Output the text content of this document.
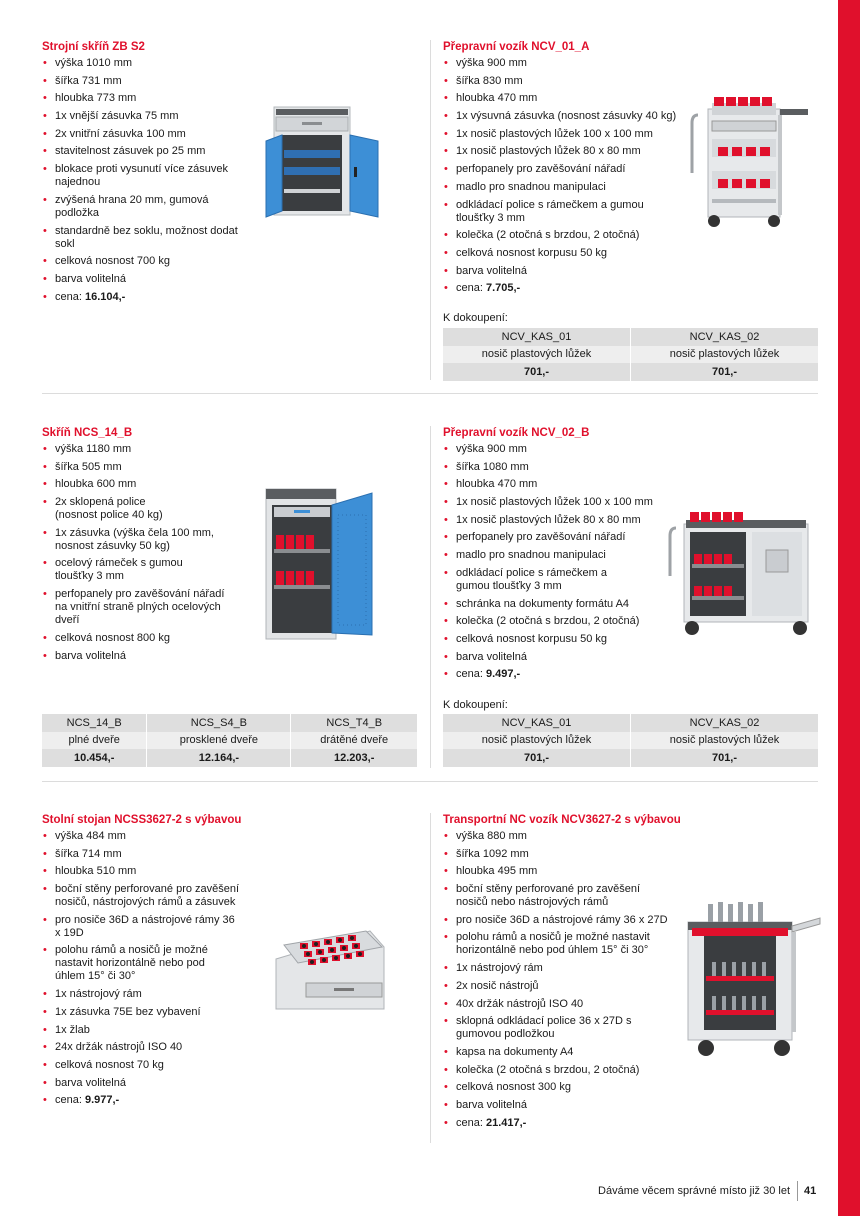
Strojní skříň ZB S2
• výška 1010 mm
• šířka 731 mm
• hloubka 773 mm
• 1x vnější zásuvka 75 mm
• 2x vnitřní zásuvka 100 mm
• stavitelnost zásuvek po 25 mm
• blokace proti vysunutí více zásuvek najednou
• zvýšená hrana 20 mm, gumová podložka
• standardně bez soklu, možnost dodat sokl
• celková nosnost 700 kg
• barva volitelná
• cena: 16.104,-
Přepravní vozík NCV_01_A
• výška 900 mm
• šířka 830 mm
• hloubka 470 mm
• 1x výsuvná zásuvka (nosnost zásuvky 40 kg)
• 1x nosič plastových lůžek 100 x 100 mm
• 1x nosič plastových lůžek 80 x 80 mm
• perfopanely pro zavěšování nářadí
• madlo pro snadnou manipulaci
• odkládací police s rámečkem a gumou tloušťky 3 mm
• kolečka (2 otočná s brzdou, 2 otočná)
• celková nosnost korpusu 50 kg
• barva volitelná
• cena: 7.705,-
K dokoupení:
NCV_KAS_01	NCV_KAS_02
nosič plastových lůžek	nosič plastových lůžek
701,-	701,-
Skříň NCS_14_B
• výška 1180 mm
• šířka 505 mm
• hloubka 600 mm
• 2x sklopená police (nosnost police 40 kg)
• 1x zásuvka (výška čela 100 mm, nosnost zásuvky 50 kg)
• ocelový rámeček s gumou tloušťky 3 mm
• perfopanely pro zavěšování nářadí na vnitřní straně plných ocelových dveří
• celková nosnost 800 kg
• barva volitelná
NCS_14_B	NCS_S4_B	NCS_T4_B
plné dveře	prosklené dveře	drátěné dveře
10.454,-	12.164,-	12.203,-
Přepravní vozík NCV_02_B
• výška 900 mm
• šířka 1080 mm
• hloubka 470 mm
• 1x nosič plastových lůžek 100 x 100 mm
• 1x nosič plastových lůžek 80 x 80 mm
• perfopanely pro zavěšování nářadí
• madlo pro snadnou manipulaci
• odkládací police s rámečkem a gumou tloušťky 3 mm
• schránka na dokumenty formátu A4
• kolečka (2 otočná s brzdou, 2 otočná)
• celková nosnost korpusu 50 kg
• barva volitelná
• cena: 9.497,-
K dokoupení:
NCV_KAS_01	NCV_KAS_02
nosič plastových lůžek	nosič plastových lůžek
701,-	701,-
Stolní stojan NCSS3627-2 s výbavou
• výška 484 mm
• šířka 714 mm
• hloubka 510 mm
• boční stěny perforované pro zavěšení nosičů, nástrojových rámů a zásuvek
• pro nosiče 36D a nástrojové rámy 36 x 19D
• polohu rámů a nosičů je možné nastavit horizontálně nebo pod úhlem 15° či 30°
• 1x nástrojový rám
• 1x zásuvka 75E bez vybavení
• 1x žlab
• 24x držák nástrojů ISO 40
• celková nosnost 70 kg
• barva volitelná
• cena: 9.977,-
Transportní NC vozík NCV3627-2 s výbavou
• výška 880 mm
• šířka 1092 mm
• hloubka 495 mm
• boční stěny perforované pro zavěšení nosičů nebo nástrojových rámů
• pro nosiče 36D a nástrojové rámy 36 x 27D
• polohu rámů a nosičů je možné nastavit horizontálně nebo pod úhlem 15° či 30°
• 1x nástrojový rám
• 2x nosič nástrojů
• 40x držák nástrojů ISO 40
• sklopná odkládací police 36 x 27D s gumovou podložkou
• kapsa na dokumenty A4
• kolečka (2 otočná s brzdou, 2 otočná)
• celková nosnost 300 kg
• barva volitelná
• cena: 21.417,-
Dáváme věcem správné místo již 30 let 41
